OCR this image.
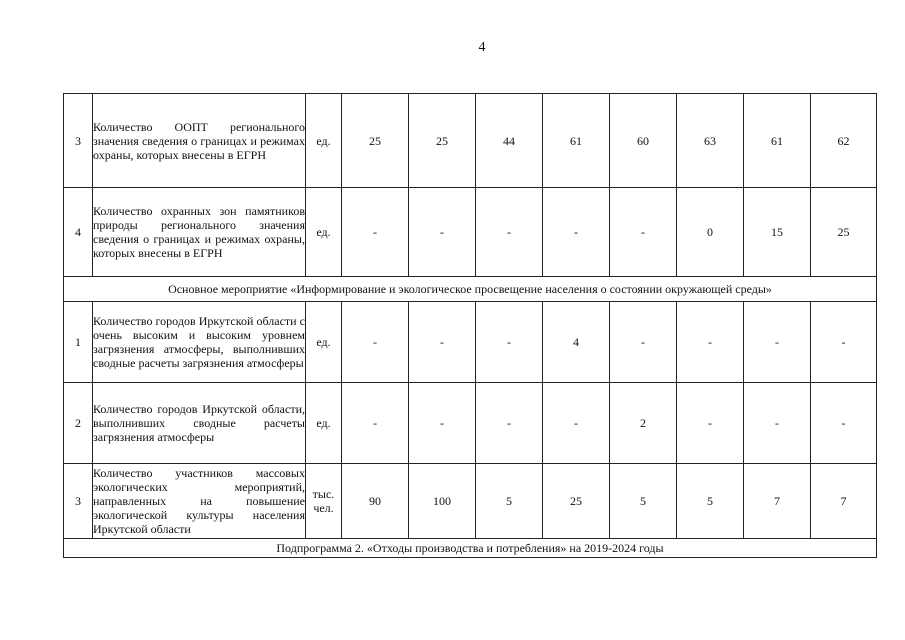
4
3	Количество ООПТ регионального значения сведения о границах и режимах охраны, которых внесены в ЕГРН	ед.	25	25	44	61	60	63	61	62
4	Количество охранных зон памятников природы регионального значения сведения о границах и режимах охраны, которых внесены в ЕГРН	ед.	-	-	-	-	-	0	15	25
Основное мероприятие «Информирование и экологическое просвещение населения о состоянии окружающей среды»										
1	Количество городов Иркутской области с очень высоким и высоким уровнем загрязнения атмосферы, выполнивших сводные расчеты загрязнения атмосферы	ед.	-	-	-	4	-	-	-	-
2	Количество городов Иркутской области, выполнивших сводные расчеты загрязнения атмосферы	ед.	-	-	-	-	2	-	-	-
3	Количество участников массовых экологических мероприятий, направленных на повышение экологической культуры населения Иркутской области	тыс. чел.	90	100	5	25	5	5	7	7
Подпрограмма 2. «Отходы производства и потребления» на 2019-2024 годы										
